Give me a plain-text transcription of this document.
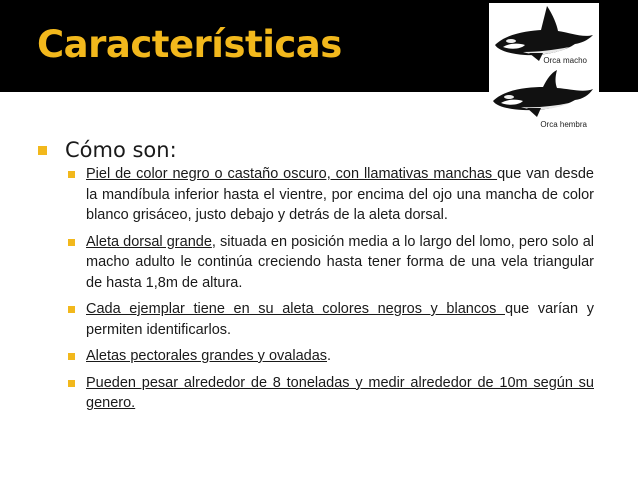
Características	Orca macho
Orca hembra
Cómo son:
Piel de color negro o castaño oscuro, con llamativas manchas que van desde la mandíbula inferior hasta el vientre, por encima del ojo una mancha de color blanco grisáceo, justo debajo y detrás de la aleta dorsal.
Aleta dorsal grande, situada en posición media a lo largo del lomo, pero solo al macho adulto le continúa creciendo hasta tener forma de una vela triangular de hasta 1,8m de altura.
Cada ejemplar tiene en su aleta colores negros y blancos que varían y permiten identificarlos.
Aletas pectorales grandes y ovaladas.
Pueden pesar alrededor de 8 toneladas y medir alrededor de 10m según su genero.
